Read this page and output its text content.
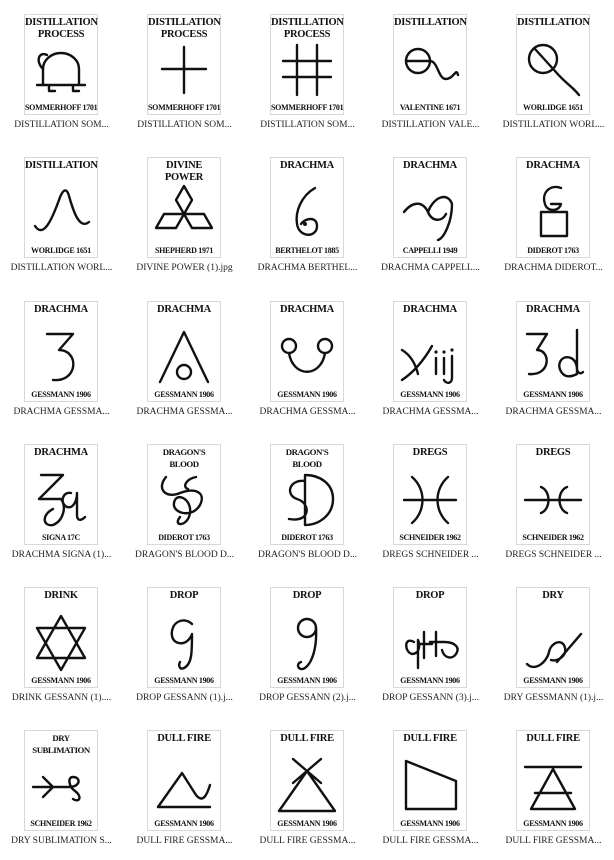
DISTILLATION
PROCESS
SOMMERHOFF 1701
DISTILLATION SOM...
DISTILLATION
PROCESS
SOMMERHOFF 1701
DISTILLATION SOM...
DISTILLATION
PROCESS
SOMMERHOFF 1701
DISTILLATION SOM...
DISTILLATION
VALENTINE 1671
DISTILLATION VALE...
DISTILLATION
WORLIDGE 1651
DISTILLATION WORL...
DISTILLATION
WORLIDGE 1651
DISTILLATION WORL...
DIVINE POWER
SHEPHERD 1971
DIVINE POWER (1).jpg
DRACHMA
BERTHELOT 1885
DRACHMA BERTHEL...
DRACHMA
CAPPELLI 1949
DRACHMA CAPPELL...
DRACHMA
DIDEROT 1763
DRACHMA DIDEROT...
DRACHMA
GESSMANN 1906
DRACHMA GESSMA...
DRACHMA
GESSMANN 1906
DRACHMA GESSMA...
DRACHMA
GESSMANN 1906
DRACHMA GESSMA...
DRACHMA
GESSMANN 1906
DRACHMA GESSMA...
DRACHMA
GESSMANN 1906
DRACHMA GESSMA...
DRACHMA
SIGNA 17C
DRACHMA SIGNA (1)...
DRAGON'S BLOOD
DIDEROT 1763
DRAGON'S BLOOD D...
DRAGON'S BLOOD
DIDEROT 1763
DRAGON'S BLOOD D...
DREGS
SCHNEIDER 1962
DREGS SCHNEIDER ...
DREGS
SCHNEIDER 1962
DREGS SCHNEIDER ...
DRINK
GESSMANN 1906
DRINK GESSANN (1)....
DROP
GESSMANN 1906
DROP GESSANN (1).j...
DROP
GESSMANN 1906
DROP GESSANN (2).j...
DROP
GESSMANN 1906
DROP GESSANN (3).j...
DRY
GESSMANN 1906
DRY GESSMANN (1).j...
DRY SUBLIMATION
SCHNEIDER 1962
DRY SUBLIMATION S...
DULL FIRE
GESSMANN 1906
DULL FIRE GESSMA...
DULL FIRE
GESSMANN 1906
DULL FIRE GESSMA...
DULL FIRE
GESSMANN 1906
DULL FIRE GESSMA...
DULL FIRE
GESSMANN 1906
DULL FIRE GESSMA...
